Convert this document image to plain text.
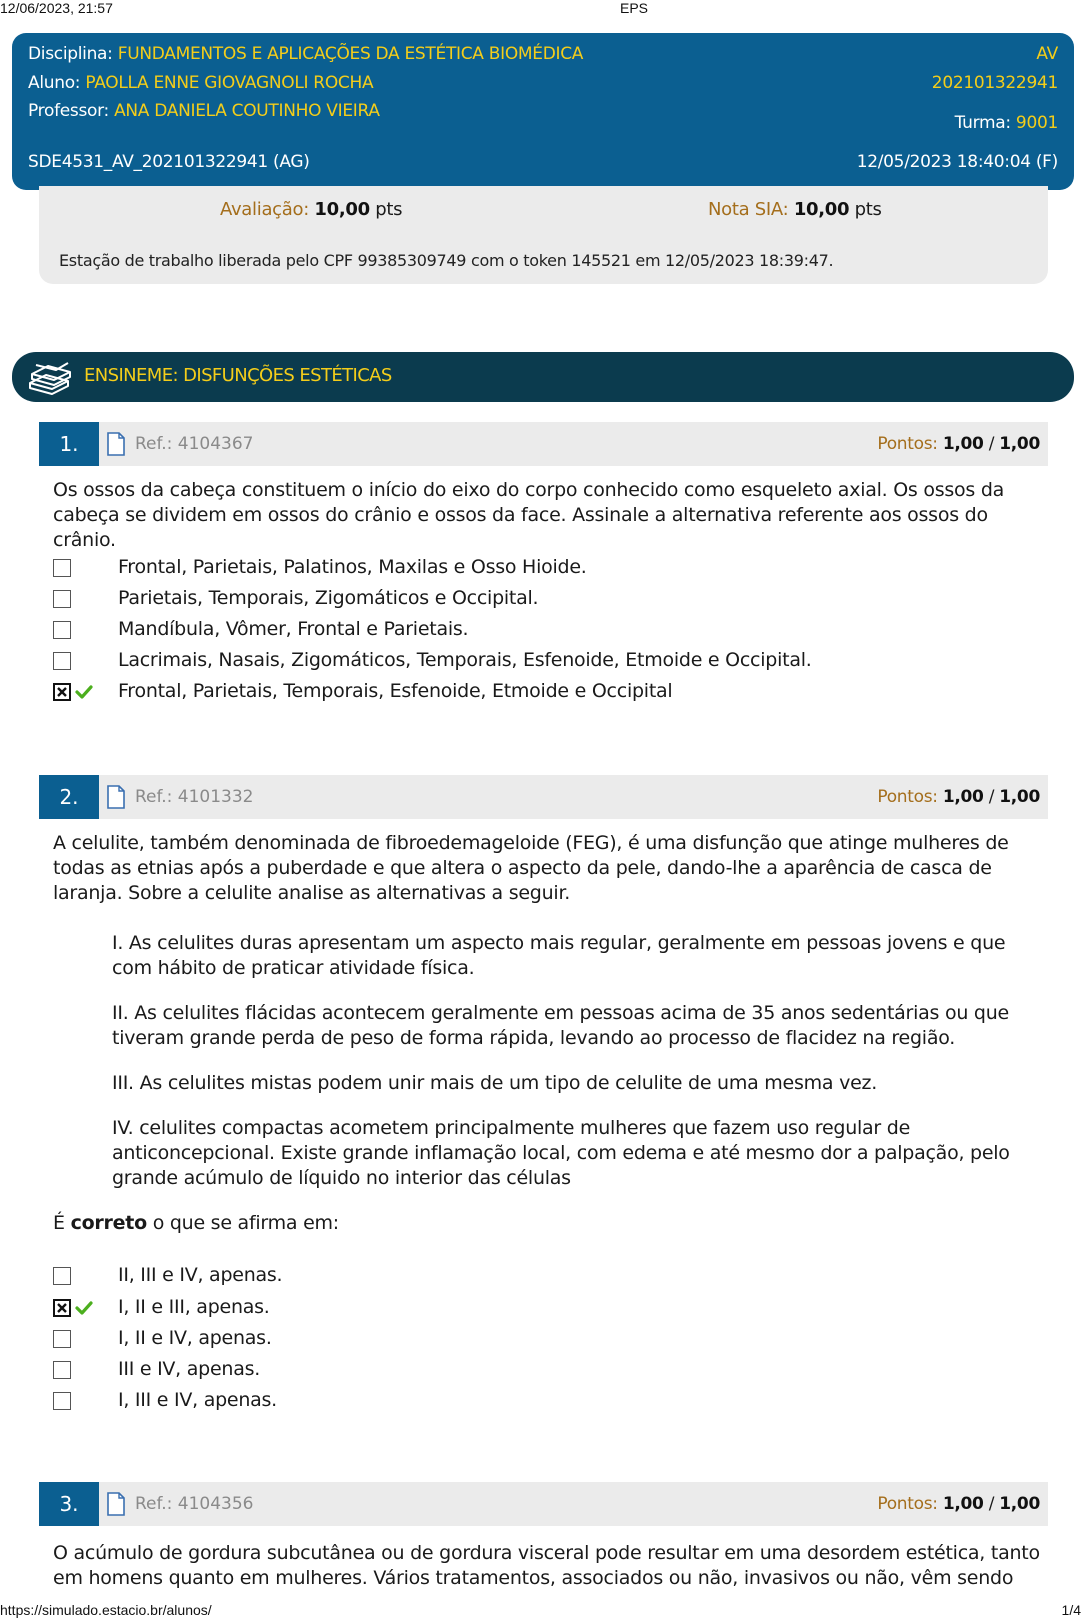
12/06/2023, 21:57	EPS
Disciplina: FUNDAMENTOS E APLICAÇÕES DA ESTÉTICA BIOMÉDICA
Aluno: PAOLLA ENNE GIOVAGNOLI ROCHA
Professor: ANA DANIELA COUTINHO VIEIRA
SDE4531_AV_202101322941 (AG)
AV
202101322941
Turma: 9001
12/05/2023 18:40:04 (F)
Avaliação: 10,00 pts	Nota SIA: 10,00 pts
Estação de trabalho liberada pelo CPF 99385309749 com o token 145521 em 12/05/2023 18:39:47.
ENSINEME: DISFUNÇÕES ESTÉTICAS
1.	Ref.: 4104367	Pontos: 1,00 / 1,00
Os ossos da cabeça constituem o início do eixo do corpo conhecido como esqueleto axial. Os ossos da cabeça se dividem em ossos do crânio e ossos da face. Assinale a alternativa referente aos ossos do crânio.
Frontal, Parietais, Palatinos, Maxilas e Osso Hioide.
Parietais, Temporais, Zigomáticos e Occipital.
Mandíbula, Vômer, Frontal e Parietais.
Lacrimais, Nasais, Zigomáticos, Temporais, Esfenoide, Etmoide e Occipital.
Frontal, Parietais, Temporais, Esfenoide, Etmoide e Occipital
2.	Ref.: 4101332	Pontos: 1,00 / 1,00
A celulite, também denominada de fibroedemageloide (FEG), é uma disfunção que atinge mulheres de todas as etnias após a puberdade e que altera o aspecto da pele, dando-lhe a aparência de casca de laranja. Sobre a celulite analise as alternativas a seguir.
I. As celulites duras apresentam um aspecto mais regular, geralmente em pessoas jovens e que com hábito de praticar atividade física.
II. As celulites flácidas acontecem geralmente em pessoas acima de 35 anos sedentárias ou que tiveram grande perda de peso de forma rápida, levando ao processo de flacidez na região.
III. As celulites mistas podem unir mais de um tipo de celulite de uma mesma vez.
IV. celulites compactas acometem principalmente mulheres que fazem uso regular de anticoncepcional. Existe grande inflamação local, com edema e até mesmo dor a palpação, pelo grande acúmulo de líquido no interior das células
É correto o que se afirma em:
II, III e IV, apenas.
I, II e III, apenas.
I, II e IV, apenas.
III e IV, apenas.
I, III e IV, apenas.
3.	Ref.: 4104356	Pontos: 1,00 / 1,00
O acúmulo de gordura subcutânea ou de gordura visceral pode resultar em uma desordem estética, tanto em homens quanto em mulheres. Vários tratamentos, associados ou não, invasivos ou não, vêm sendo
https://simulado.estacio.br/alunos/	1/4
